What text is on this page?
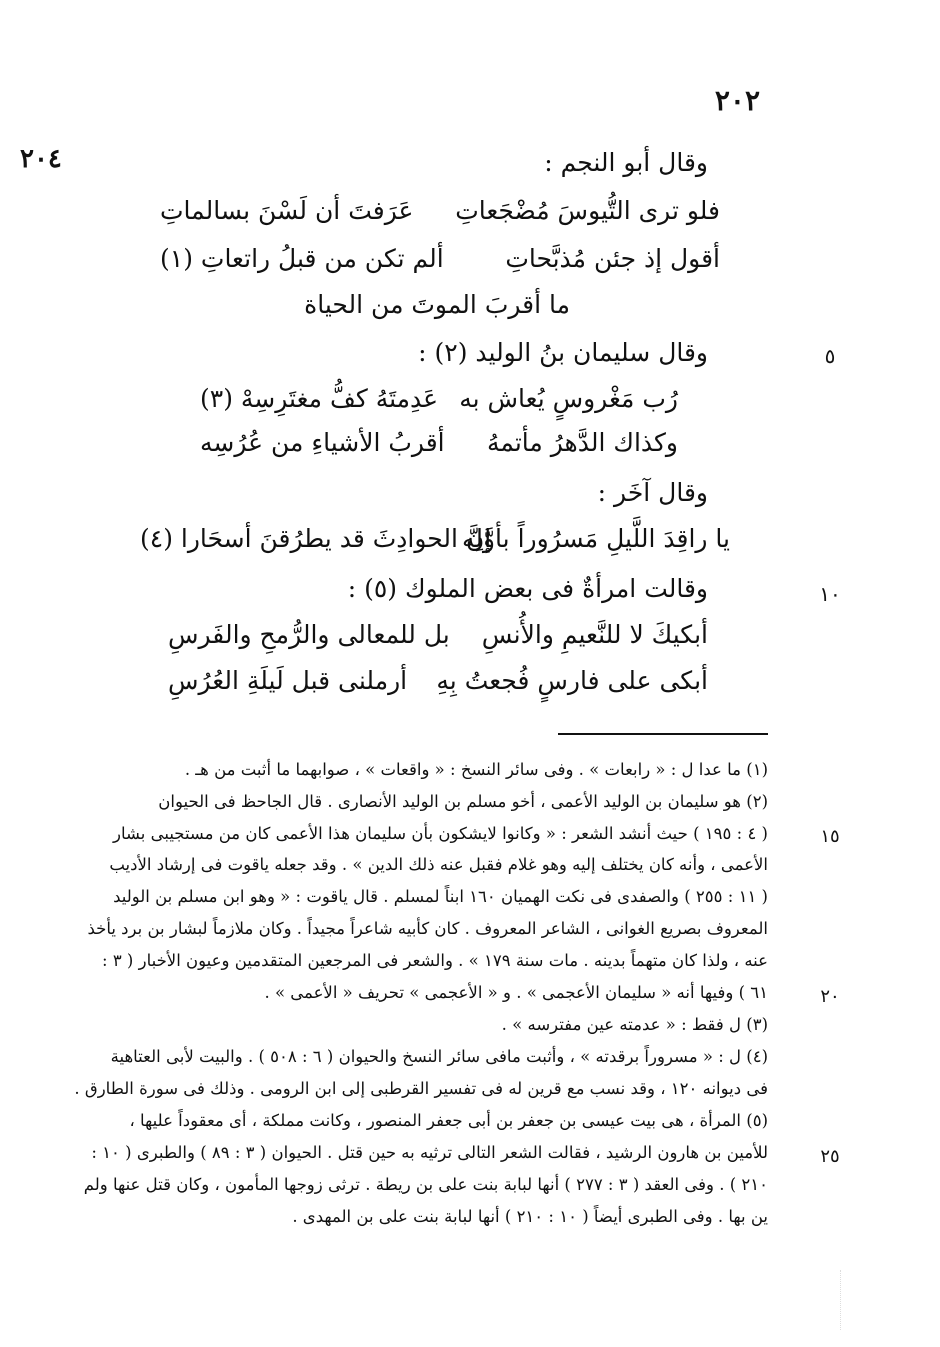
٢٠٢
٢٠٤	وقال أبو النجم :
فلو ترى التُّيوسَ مُضْجَعاتِ
عَرَفتَ أن لَسْنَ بسالماتِ
أقول إذ جئن مُذبَّحاتِ
ألم تكن من قبلُ راتعاتِ (١)
ما أقربَ الموتَ من الحياة
٥
وقال سليمان بنُ الوليد (٢) :
رُب مَغْروسٍ يُعاش به
عَدِمتَهُ كفُّ مغتَرِسِهْ (٣)
وكذاك الدَّهرُ مأتمهُ
أقربُ الأشياءِ من عُرُسِه
وقال آخَر :
يا راقِدَ اللَّيلِ مَسرُوراً بأوَّلِه
إنَّ الحوادِثَ قد يطرُقنَ أسحَارا (٤)
١٠
وقالت امرأةٌ فى بعض الملوك (٥) :
أبكيكَ لا للنَّعيمِ والأُنسِ
بل للمعالى والرُّمحِ والفَرسِ
أبكى على فارسٍ فُجعتُ بِهِ
أرملنى قبل لَيلَةِ العُرُسِ
(١) ما عدا ل : « رابعات » . وفى سائر النسخ : « واقعات » ، صوابهما ما أثبت من هـ .
(٢) هو سليمان بن الوليد الأعمى ، أخو مسلم بن الوليد الأنصارى . قال الجاحظ فى الحيوان
( ٤ : ١٩٥ ) حيث أنشد الشعر : « وكانوا لايشكون بأن سليمان هذا الأعمى كان من مستجيبى بشار
الأعمى ، وأنه كان يختلف إليه وهو غلام فقبل عنه ذلك الدين » . وقد جعله ياقوت فى إرشاد الأديب
( ١١ : ٢٥٥ ) والصفدى فى نكت الهميان ١٦٠ ابناً لمسلم . قال ياقوت : « وهو ابن مسلم بن الوليد
المعروف بصريع الغوانى ، الشاعر المعروف . كان كأبيه شاعراً مجيداً . وكان ملازماً لبشار بن برد يأخذ
عنه ، ولذا كان متهماً بدينه . مات سنة ١٧٩ » . والشعر فى المرجعين المتقدمين وعيون الأخبار ( ٣ :
٦١ ) وفيها أنه « سليمان الأعجمى » . و « الأعجمى » تحريف « الأعمى » .
(٣) ل فقط : « عدمته عين مفترسه » .
(٤) ل : « مسروراً برقدته » ، وأثبت مافى سائر النسخ والحيوان ( ٦ : ٥٠٨ ) . والبيت لأبى العتاهية
فى ديوانه ١٢٠ ، وقد نسب مع قرين له فى تفسير القرطبى إلى ابن الرومى . وذلك فى سورة الطارق .
(٥) المرأة ، هى بيت عيسى بن جعفر بن أبى جعفر المنصور ، وكانت مملكة ، أى معقوداً عليها ،
للأمين بن هارون الرشيد ، فقالت الشعر التالى ترثيه به حين قتل . الحيوان ( ٣ : ٨٩ ) والطبرى ( ١٠ :
٢١٠ ) . وفى العقد ( ٣ : ٢٧٧ ) أنها لبابة بنت على بن ريطة . ترثى زوجها المأمون ، وكان قتل عنها ولم
ين بها . وفى الطبرى أيضاً ( ١٠ : ٢١٠ ) أنها لبابة بنت على بن المهدى .
١٥
٢٠
٢٥
